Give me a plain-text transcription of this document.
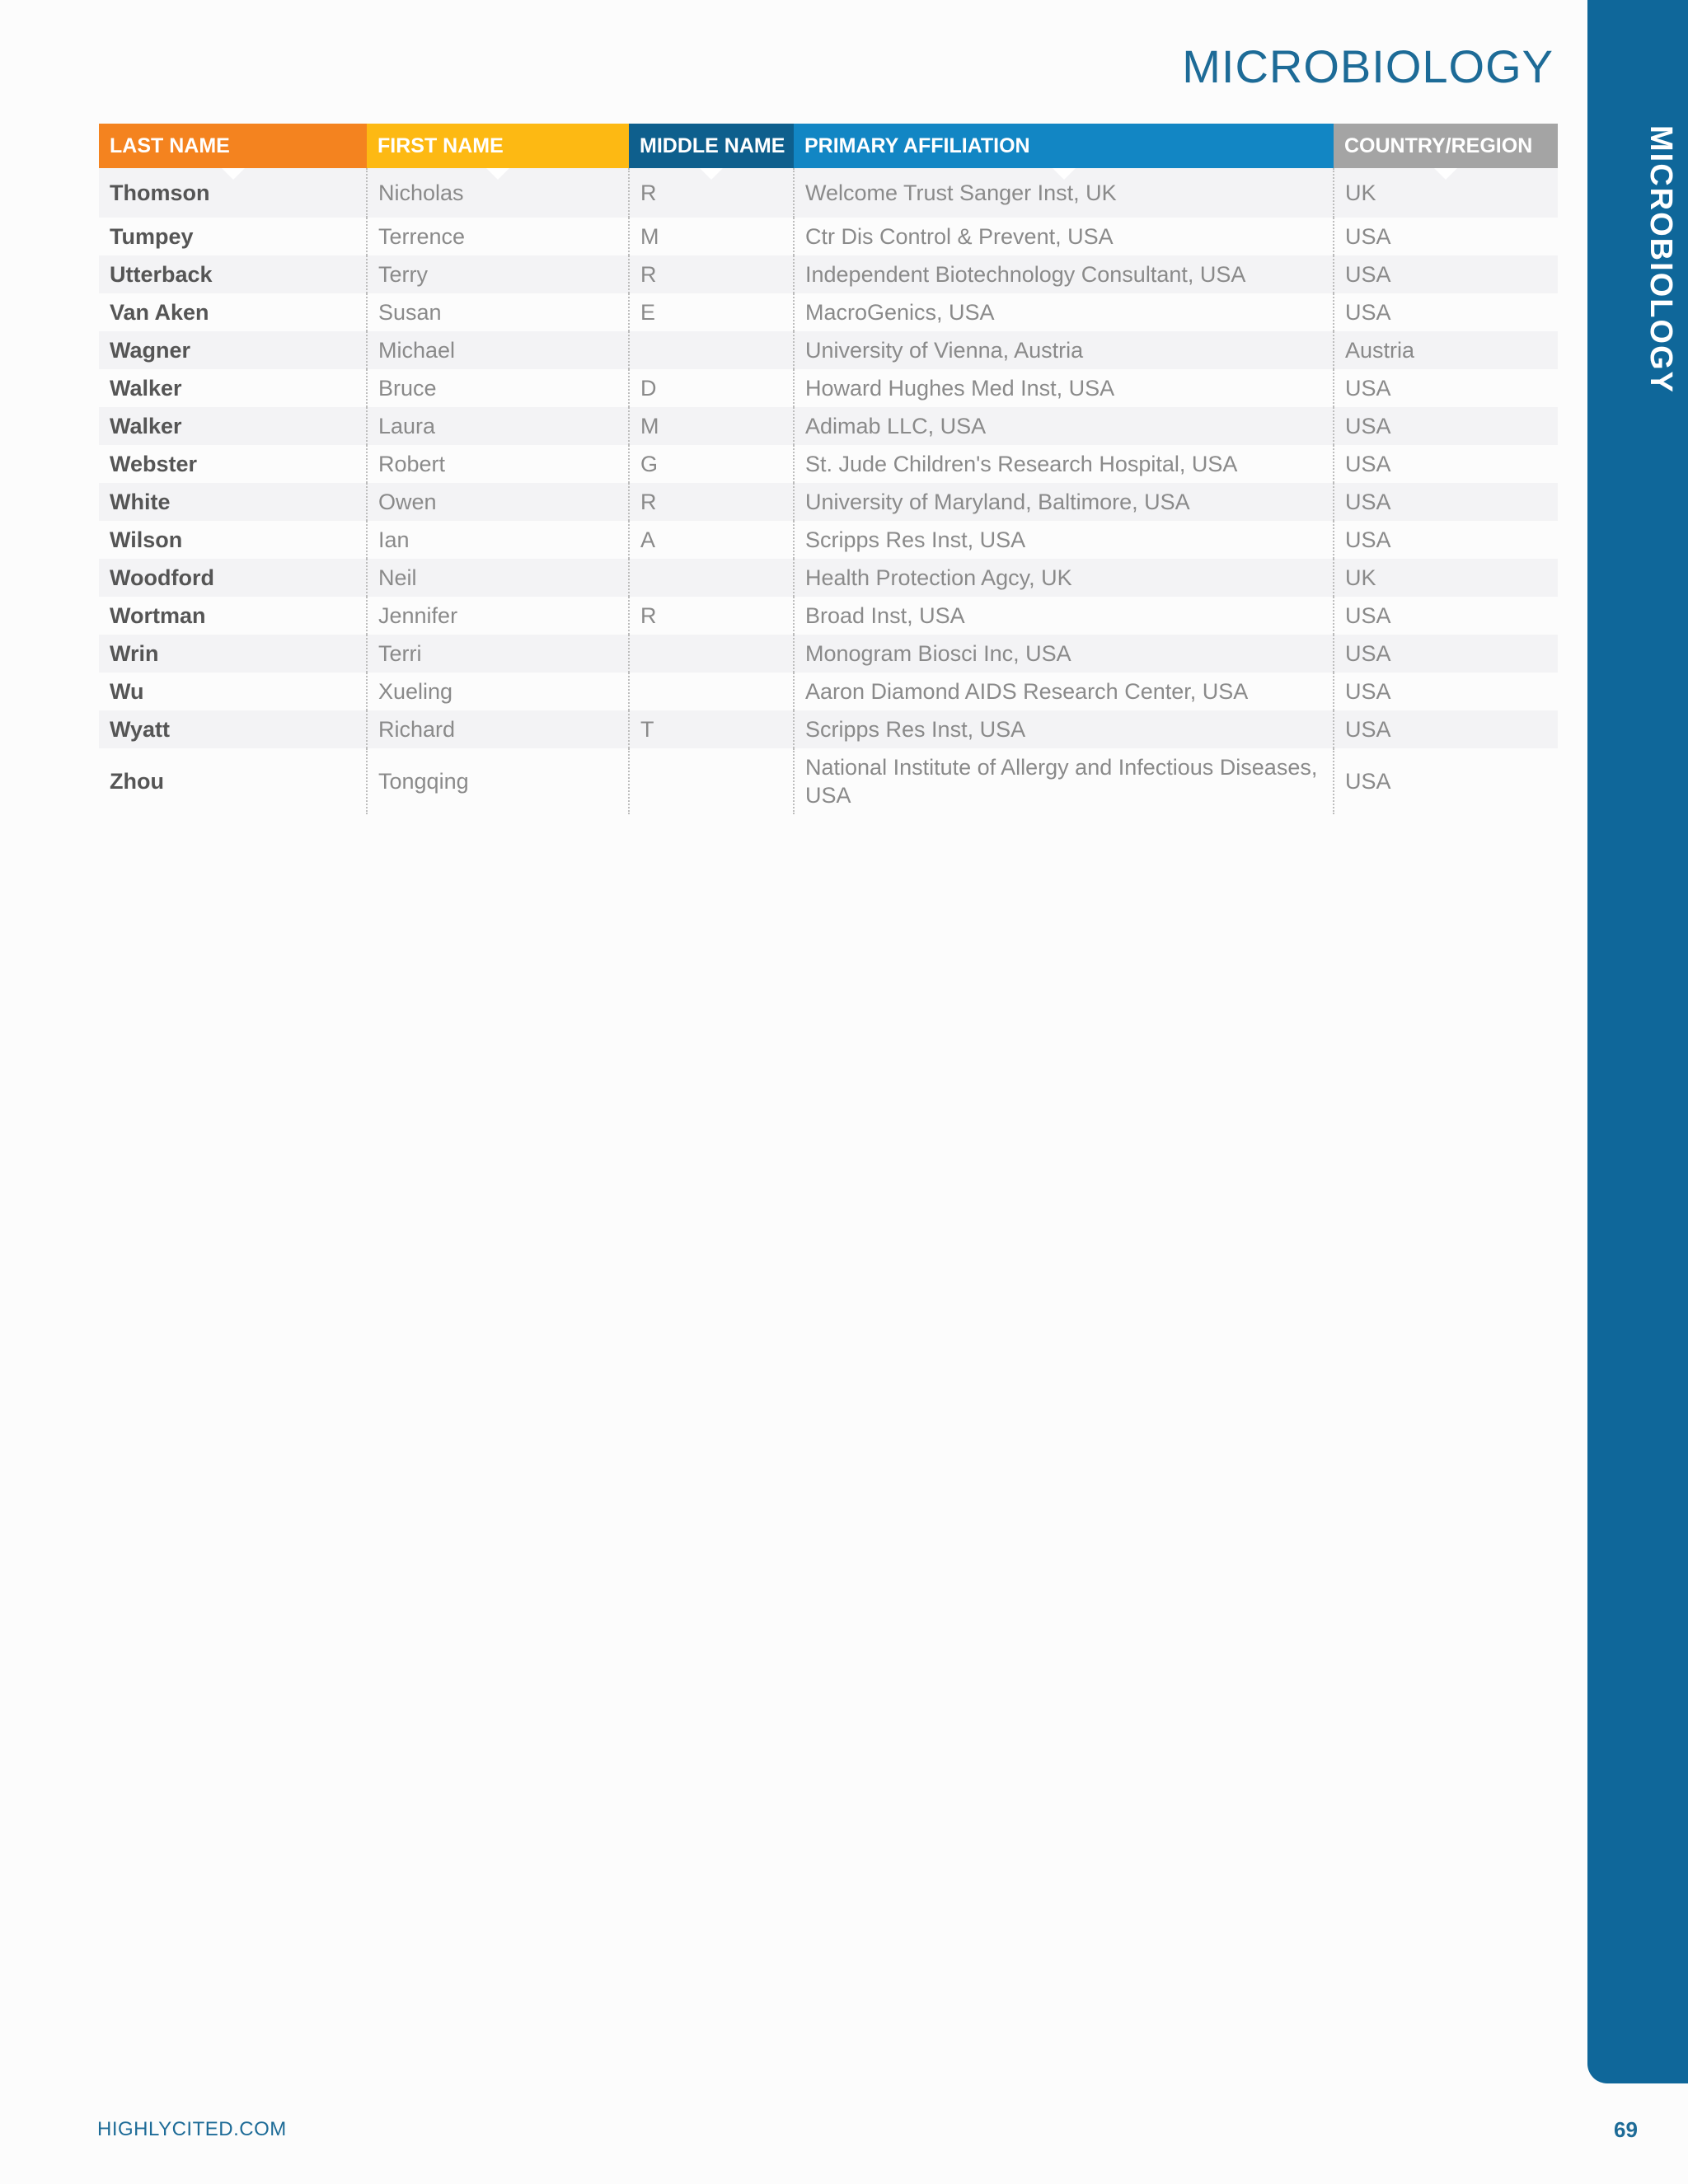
MICROBIOLOGY
MICROBIOLOGY
LAST NAME	FIRST NAME	MIDDLE NAME	PRIMARY AFFILIATION	COUNTRY/REGION

Thomson	Nicholas	R	Welcome Trust Sanger Inst, UK	UK
Tumpey	Terrence	M	Ctr Dis Control & Prevent, USA	USA
Utterback	Terry	R	Independent Biotechnology Consultant, USA	USA
Van Aken	Susan	E	MacroGenics, USA	USA
Wagner	Michael		University of Vienna, Austria	Austria
Walker	Bruce	D	Howard Hughes Med Inst, USA	USA
Walker	Laura	M	Adimab LLC, USA	USA
Webster	Robert	G	St. Jude Children's Research Hospital, USA	USA
White	Owen	R	University of Maryland, Baltimore, USA	USA
Wilson	Ian	A	Scripps Res Inst, USA	USA
Woodford	Neil		Health Protection Agcy, UK	UK
Wortman	Jennifer	R	Broad Inst, USA	USA
Wrin	Terri		Monogram Biosci Inc, USA	USA
Wu	Xueling		Aaron Diamond AIDS Research Center, USA	USA
Wyatt	Richard	T	Scripps Res Inst, USA	USA
Zhou	Tongqing		National Institute of Allergy and Infectious Diseases, USA	USA
HIGHLYCITED.COM	69
